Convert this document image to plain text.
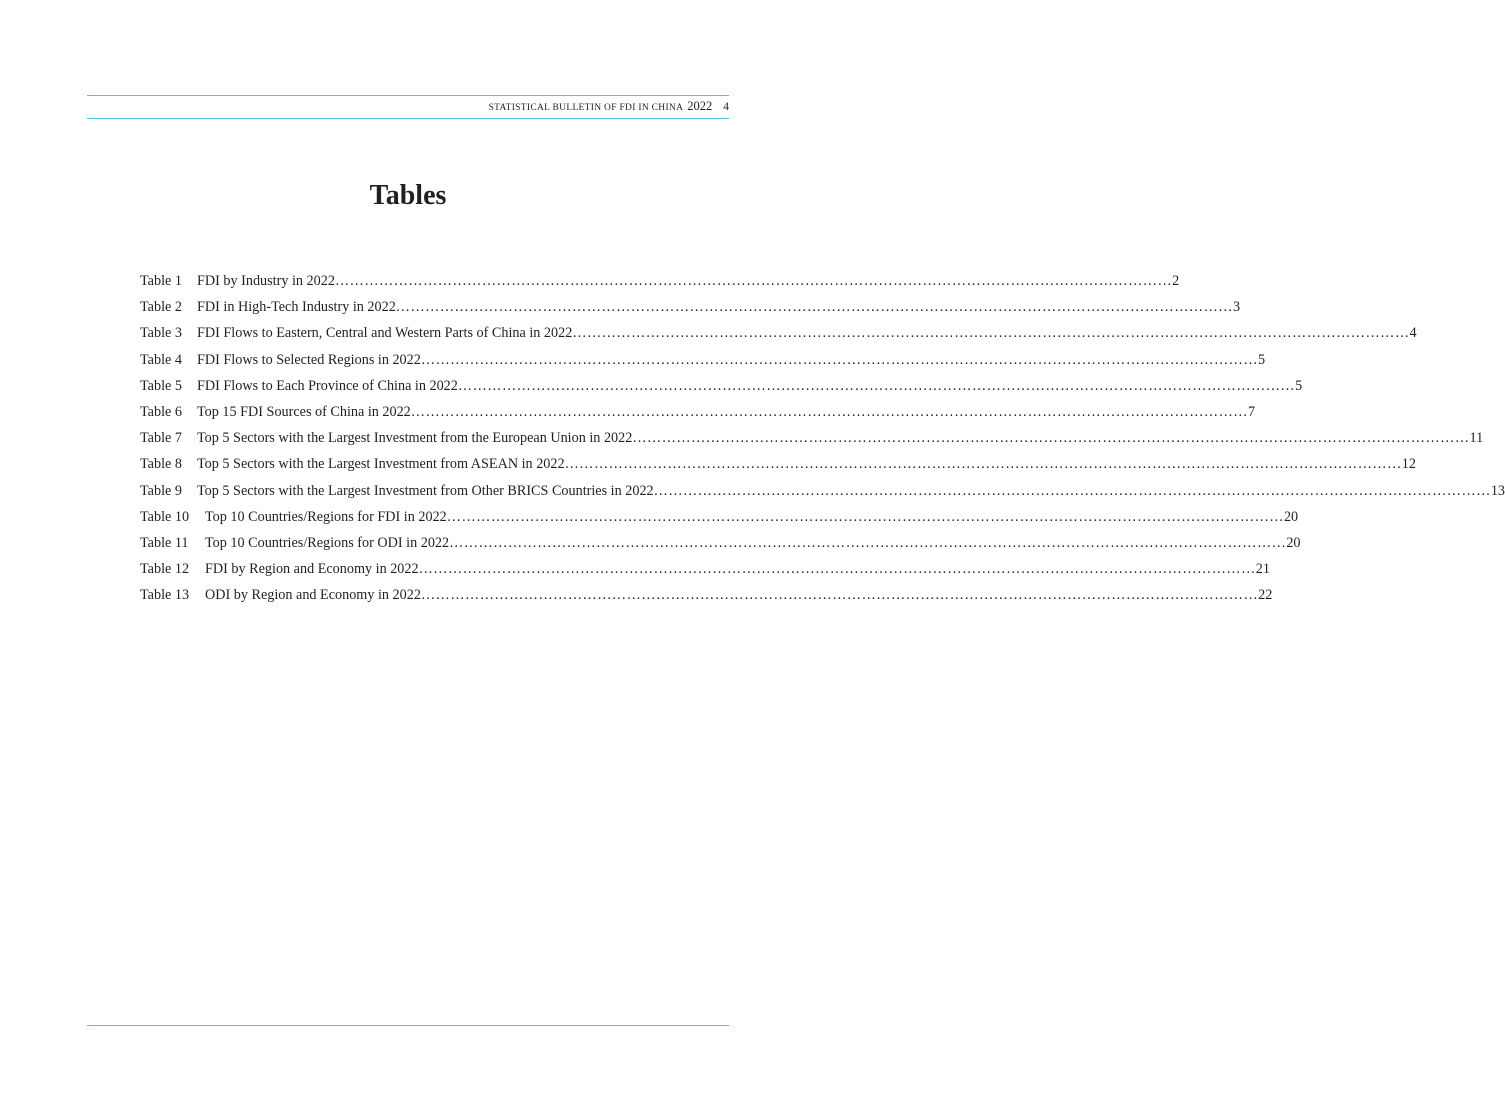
STATISTICAL BULLETIN OF FDI IN CHINA 2022 4
Tables
Table 1	FDI by Industry in 2022 ………………………………………………………………………………………………………………………………………………………	2
Table 2	FDI in High-Tech Industry in 2022 ………………………………………………………………………………………………………………………………………………………	3
Table 3	FDI Flows to Eastern, Central and Western Parts of China in 2022 ………………………………………………………………………………………………………………………………………………………	4
Table 4	FDI Flows to Selected Regions in 2022 ………………………………………………………………………………………………………………………………………………………	5
Table 5	FDI Flows to Each Province of China in 2022 ………………………………………………………………………………………………………………………………………………………	5
Table 6	Top 15 FDI Sources of China in 2022 ………………………………………………………………………………………………………………………………………………………	7
Table 7	Top 5 Sectors with the Largest Investment from the European Union in 2022 ………………………………………………………………………………………………………………………………………………………	11
Table 8	Top 5 Sectors with the Largest Investment from ASEAN in 2022 ………………………………………………………………………………………………………………………………………………………	12
Table 9	Top 5 Sectors with the Largest Investment from Other BRICS Countries in 2022 ………………………………………………………………………………………………………………………………………………………	13
Table 10	Top 10 Countries/Regions for FDI in 2022 ………………………………………………………………………………………………………………………………………………………	20
Table 11	Top 10 Countries/Regions for ODI in 2022 ………………………………………………………………………………………………………………………………………………………	20
Table 12	FDI by Region and Economy in 2022 ………………………………………………………………………………………………………………………………………………………	21
Table 13	ODI by Region and Economy in 2022 ………………………………………………………………………………………………………………………………………………………	22
